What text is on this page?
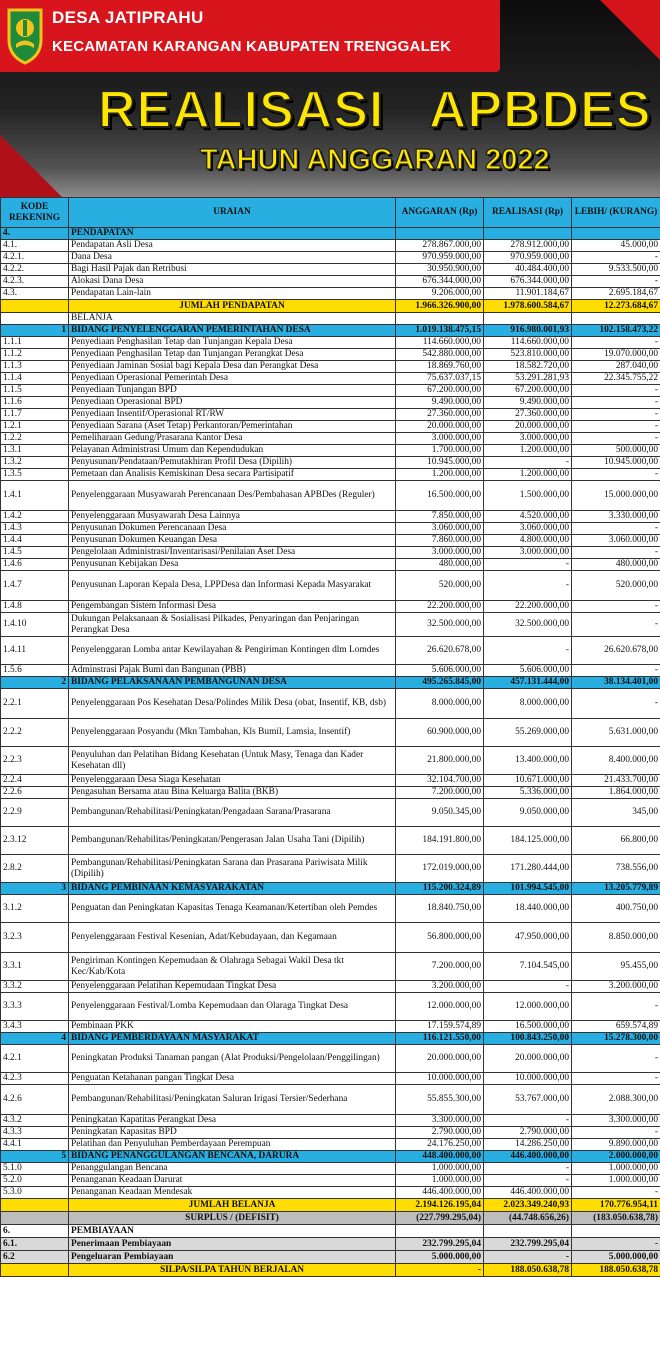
DESA JATIPRAHU
KECAMATAN KARANGAN KABUPATEN TRENGGALEK
REALISASI   APBDES
TAHUN ANGGARAN 2022
KODE REKENING	URAIAN	ANGGARAN (Rp)	REALISASI (Rp)	LEBIH/ (KURANG)
4.	PENDAPATAN			
4.1.	Pendapatan Asli Desa	278.867.000,00	278.912.000,00	45.000,00
4.2.1.	Dana Desa	970.959.000,00	970.959.000,00	-
4.2.2.	Bagi Hasil Pajak dan Retribusi	30.950.900,00	40.484.400,00	9.533.500,00
4.2.3.	Alokasi Dana Desa	676.344.000,00	676.344.000,00	-
4.3.	Pendapatan Lain-lain	9.206.000,00	11.901.184,67	2.695.184,67
	JUMLAH PENDAPATAN	1.966.326.900,00	1.978.600.584,67	12.273.684,67
	BELANJA			
1	BIDANG PENYELENGGARAN PEMERINTAHAN DESA	1.019.138.475,15	916.980.001,93	102.158.473,22
1.1.1	Penyediaan Penghasilan Tetap dan Tunjangan Kepala Desa	114.660.000,00	114.660.000,00	-
1.1.2	Penyediaan Penghasilan Tetap dan Tunjangan Perangkat Desa	542.880.000,00	523.810.000,00	19.070.000,00
1.1.3	Penyediaan Jaminan Sosial bagi Kepala Desa dan Perangkat Desa	18.869.760,00	18.582.720,00	287.040,00
1.1.4	Penyediaan Operasional Pemerintah Desa	75.637.037,15	53.291.281,93	22.345.755,22
1.1.5	Penyediaan Tunjangan BPD	67.200.000,00	67.200.000,00	-
1.1.6	Penyediaan Operasional BPD	9.490.000,00	9.490.000,00	-
1.1.7	Penyediaan Insentif/Operasional RT/RW	27.360.000,00	27.360.000,00	-
1.2.1	Penyediaan Sarana (Aset Tetap) Perkantoran/Pemerintahan	20.000.000,00	20.000.000,00	-
1.2.2	Pemeliharaan Gedung/Prasarana Kantor Desa	3.000.000,00	3.000.000,00	-
1.3.1	Pelayanan Administrasi Umum dan Kependudukan	1.700.000,00	1.200.000,00	500.000,00
1.3.2	Penyusunan/Pendataan/Pemutakhiran Profil Desa (Dipilih)	10.945.000,00	-	10.945.000,00
1.3.5	Pemetaan dan Analisis Kemiskinan Desa secara Partisipatif	1.200.000,00	1.200.000,00	-
1.4.1	Penyelenggaraan Musyawarah Perencanaan Des/Pembahasan APBDes (Reguler)	16.500.000,00	1.500.000,00	15.000.000,00
1.4.2	Penyelenggaraan Musyawarah Desa Lainnya	7.850.000,00	4.520.000,00	3.330.000,00
1.4.3	Penyusunan Dokumen Perencanaan Desa	3.060.000,00	3.060.000,00	-
1.4.4	Penyusunan Dokumen Keuangan Desa	7.860.000,00	4.800.000,00	3.060.000,00
1.4.5	Pengelolaan Administrasi/Inventarisasi/Penilaian Aset Desa	3.000.000,00	3.000.000,00	-
1.4.6	Penyusunan Kebijakan Desa	480.000,00	-	480.000,00
1.4.7	Penyusunan Laporan Kepala Desa, LPPDesa dan Informasi Kepada Masyarakat	520.000,00	-	520.000,00
1.4.8	Pengembangan Sistem Informasi Desa	22.200.000,00	22.200.000,00	-
1.4.10	Dukungan Pelaksanaan & Sosialisasi Pilkades, Penyaringan dan Penjaringan Perangkat Desa	32.500.000,00	32.500.000,00	-
1.4.11	Penyelenggaran Lomba antar Kewilayahan & Pengiriman Kontingen dlm Lomdes	26.620.678,00	-	26.620.678,00
1.5.6	Adminstrasi Pajak Bumi dan Bangunan (PBB)	5.606.000,00	5.606.000,00	-
2	BIDANG PELAKSANAAN PEMBANGUNAN DESA	495.265.845,00	457.131.444,00	38.134.401,00
2.2.1	Penyelenggaraan Pos Kesehatan Desa/Polindes Milik Desa (obat, Insentif, KB, dsb)	8.000.000,00	8.000.000,00	-
2.2.2	Penyelenggaraan Posyandu (Mkn Tambahan, Kls Bumil, Lamsia, Insentif)	60.900.000,00	55.269.000,00	5.631.000,00
2.2.3	Penyuluhan dan Pelatihan Bidang Kesehatan (Untuk Masy, Tenaga dan Kader Kesehatan dll)	21.800.000,00	13.400.000,00	8.400.000,00
2.2.4	Penyelenggaraan Desa Siaga Kesehatan	32.104.700,00	10.671.000,00	21.433.700,00
2.2.6	Pengasuhan Bersama atau Bina Keluarga Balita (BKB)	7.200.000,00	5.336.000,00	1.864.000,00
2.2.9	Pembangunan/Rehabilitasi/Peningkatan/Pengadaan Sarana/Prasarana	9.050.345,00	9.050.000,00	345,00
2.3.12	Pembangunan/Rehabilitas/Peningkatan/Pengerasan Jalan Usaha Tani (Dipilih)	184.191.800,00	184.125.000,00	66.800,00
2.8.2	Pembangunan/Rehabilitasi/Peningkatan Sarana dan Prasarana Pariwisata Milik (Dipilih)	172.019.000,00	171.280.444,00	738.556,00
3	BIDANG PEMBINAAN KEMASYARAKATAN	115.200.324,89	101.994.545,00	13.205.779,89
3.1.2	Penguatan dan Peningkatan Kapasitas Tenaga Keamanan/Ketertiban oleh Pemdes	18.840.750,00	18.440.000,00	400.750,00
3.2.3	Penyelenggaraan Festival Kesenian, Adat/Kebudayaan, dan Kegamaan	56.800.000,00	47.950.000,00	8.850.000,00
3.3.1	Pengiriman Kontingen Kepemudaan & Olahraga Sebagai Wakil Desa tkt Kec/Kab/Kota	7.200.000,00	7.104.545,00	95.455,00
3.3.2	Penyelenggaraan Pelatihan Kepemudaan Tingkat Desa	3.200.000,00	-	3.200.000,00
3.3.3	Penyelenggaraan Festival/Lomba Kepemudaan dan Olaraga Tingkat Desa	12.000.000,00	12.000.000,00	-
3.4.3	Pembinaan PKK	17.159.574,89	16.500.000,00	659.574,89
4	BIDANG PEMBERDAYAAN MASYARAKAT	116.121.550,00	100.843.250,00	15.278.300,00
4.2.1	Peningkatan Produksi Tanaman pangan (Alat Produksi/Pengelolaan/Penggilingan)	20.000.000,00	20.000.000,00	-
4.2.3	Penguatan Ketahanan pangan Tingkat Desa	10.000.000,00	10.000.000,00	-
4.2.6	Pembangunan/Rehabilitasi/Peningkatan Saluran Irigasi Tersier/Sederhana	55.855.300,00	53.767.000,00	2.088.300,00
4.3.2	Peningkatan Kapatitas Perangkat Desa	3.300.000,00	-	3.300.000,00
4.3.3	Peningkatan Kapasitas BPD	2.790.000,00	2.790.000,00	-
4.4.1	Pelatihan dan Penyuluhan Pemberdayaan Perempuan	24.176.250,00	14.286.250,00	9.890.000,00
5	BIDANG PENANGGULANGAN BENCANA, DARURA	448.400.000,00	446.400.000,00	2.000.000,00
5.1.0	Penanggulangan Bencana	1.000.000,00	-	1.000.000,00
5.2.0	Penanganan Keadaan Darurat	1.000.000,00	-	1.000.000,00
5.3.0	Penanganan Keadaan Mendesak	446.400.000,00	446.400.000,00	-
	JUMLAH BELANJA	2.194.126.195,04	2.023.349.240,93	170.776.954,11
	SURPLUS / (DEFISIT)	(227.799.295,04)	(44.748.656,26)	(183.050.638,78)
6.	PEMBIAYAAN			
6.1.	Penerimaan Pembiayaan	232.799.295,04	232.799.295,04	-
6.2	Pengeluaran Pembiayaan	5.000.000,00	-	5.000.000,00
	SILPA/SILPA TAHUN BERJALAN	-	188.050.638,78	188.050.638,78
